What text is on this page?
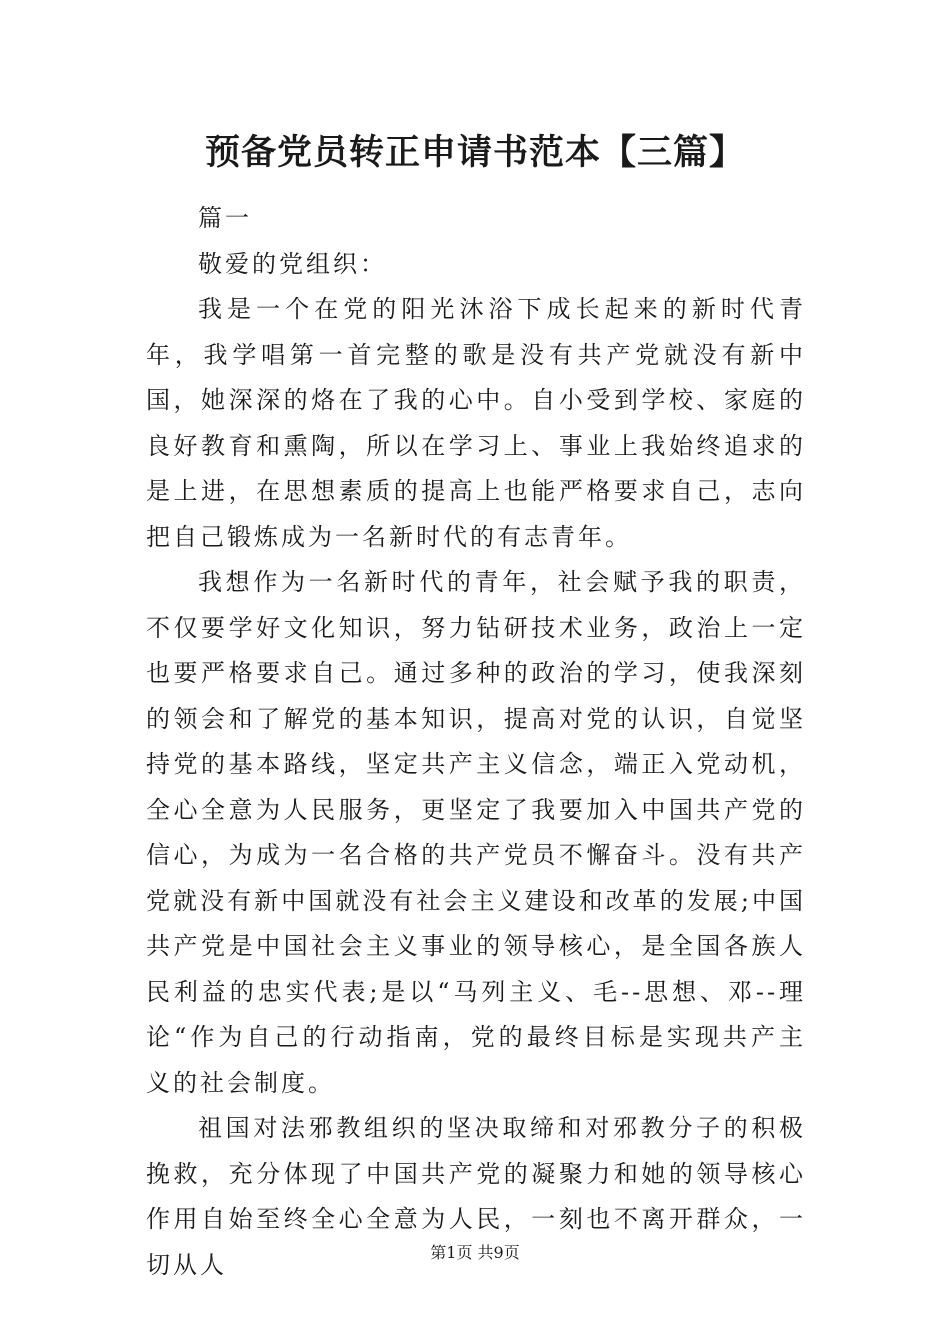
预备党员转正申请书范本【三篇】

篇一

敬爱的党组织：

我是一个在党的阳光沐浴下成长起来的新时代青年，我学唱第一首完整的歌是没有共产党就没有新中国，她深深的烙在了我的心中。自小受到学校、家庭的良好教育和熏陶，所以在学习上、事业上我始终追求的是上进，在思想素质的提高上也能严格要求自己，志向把自己锻炼成为一名新时代的有志青年。

我想作为一名新时代的青年，社会赋予我的职责，不仅要学好文化知识，努力钻研技术业务，政治上一定也要严格要求自己。通过多种的政治的学习，使我深刻的领会和了解党的基本知识，提高对党的认识，自觉坚持党的基本路线，坚定共产主义信念，端正入党动机，全心全意为人民服务，更坚定了我要加入中国共产党的信心，为成为一名合格的共产党员不懈奋斗。没有共产党就没有新中国就没有社会主义建设和改革的发展;中国共产党是中国社会主义事业的领导核心，是全国各族人民利益的忠实代表;是以“马列主义、毛--思想、邓--理论“作为自己的行动指南，党的最终目标是实现共产主义的社会制度。

祖国对法邪教组织的坚决取缔和对邪教分子的积极挽救，充分体现了中国共产党的凝聚力和她的领导核心作用自始至终全心全意为人民，一刻也不离开群众，一切从人	第1页 共9页
